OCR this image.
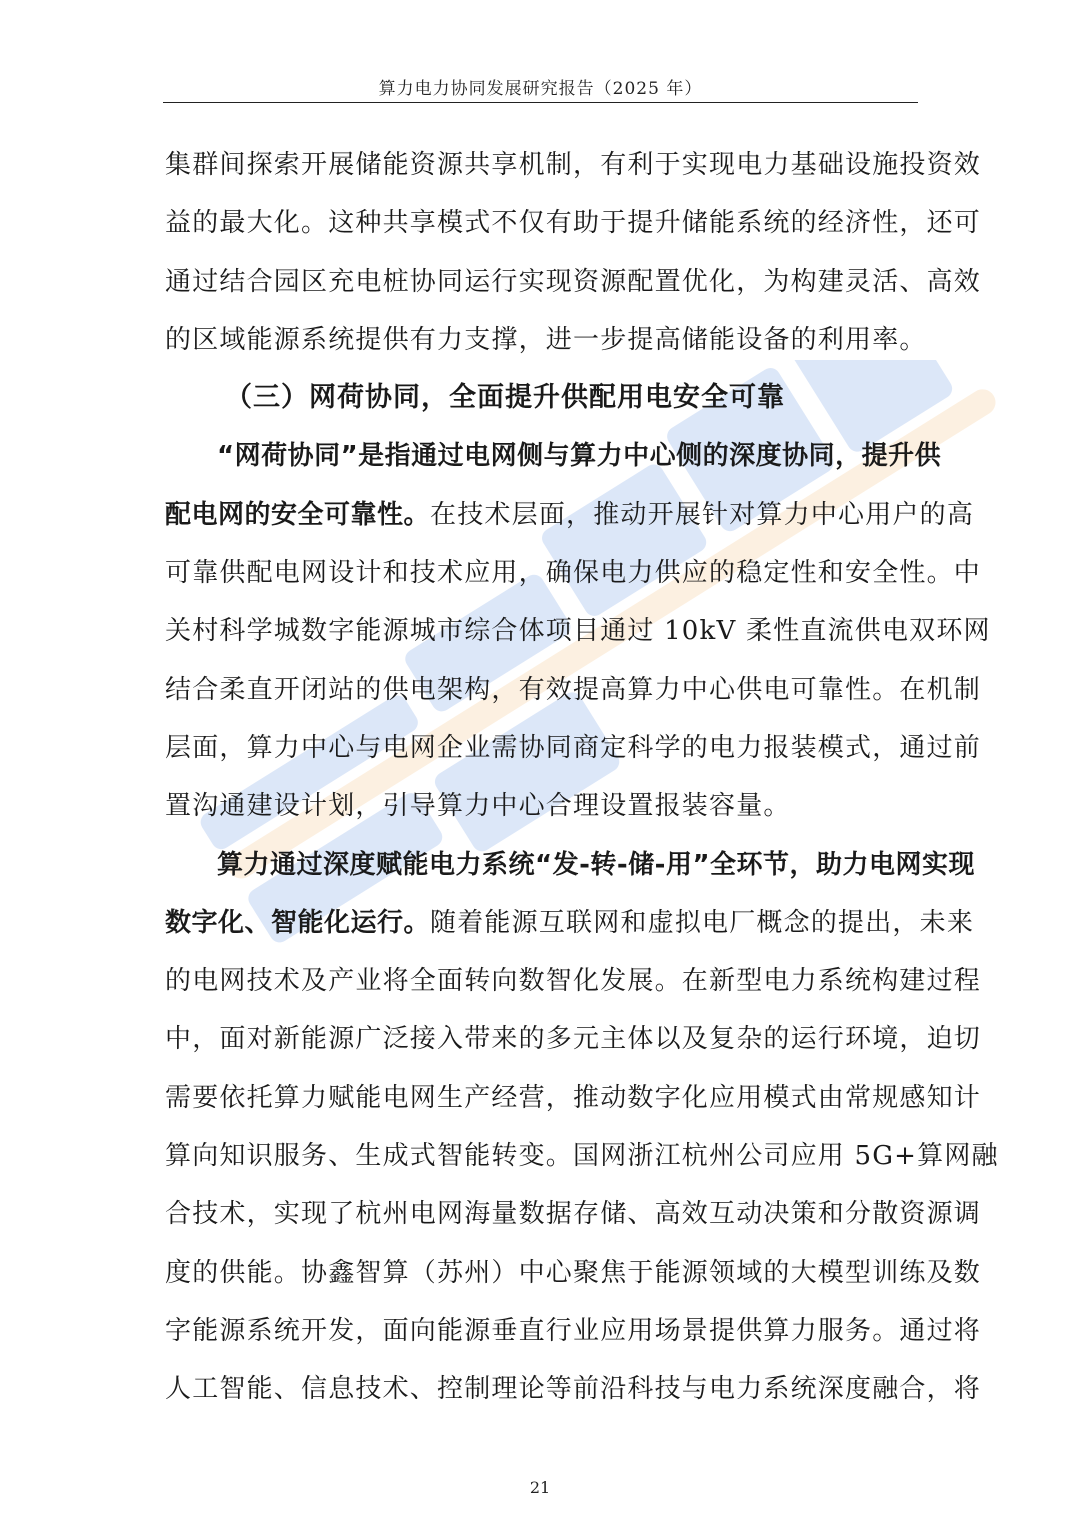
算力电力协同发展研究报告（2025 年）
集群间探索开展储能资源共享机制，有利于实现电力基础设施投资效
益的最大化。这种共享模式不仅有助于提升储能系统的经济性，还可
通过结合园区充电桩协同运行实现资源配置优化，为构建灵活、高效
的区域能源系统提供有力支撑，进一步提高储能设备的利用率。
（三）网荷协同，全面提升供配用电安全可靠
“网荷协同”是指通过电网侧与算力中心侧的深度协同，提升供
配电网的安全可靠性。在技术层面，推动开展针对算力中心用户的高
可靠供配电网设计和技术应用，确保电力供应的稳定性和安全性。中
关村科学城数字能源城市综合体项目通过 10kV 柔性直流供电双环网
结合柔直开闭站的供电架构，有效提高算力中心供电可靠性。在机制
层面，算力中心与电网企业需协同商定科学的电力报装模式，通过前
置沟通建设计划，引导算力中心合理设置报装容量。
算力通过深度赋能电力系统“发-转-储-用”全环节，助力电网实现
数字化、智能化运行。随着能源互联网和虚拟电厂概念的提出，未来
的电网技术及产业将全面转向数智化发展。在新型电力系统构建过程
中，面对新能源广泛接入带来的多元主体以及复杂的运行环境，迫切
需要依托算力赋能电网生产经营，推动数字化应用模式由常规感知计
算向知识服务、生成式智能转变。国网浙江杭州公司应用 5G+算网融
合技术，实现了杭州电网海量数据存储、高效互动决策和分散资源调
度的供能。协鑫智算（苏州）中心聚焦于能源领域的大模型训练及数
字能源系统开发，面向能源垂直行业应用场景提供算力服务。通过将
人工智能、信息技术、控制理论等前沿科技与电力系统深度融合，将
21
